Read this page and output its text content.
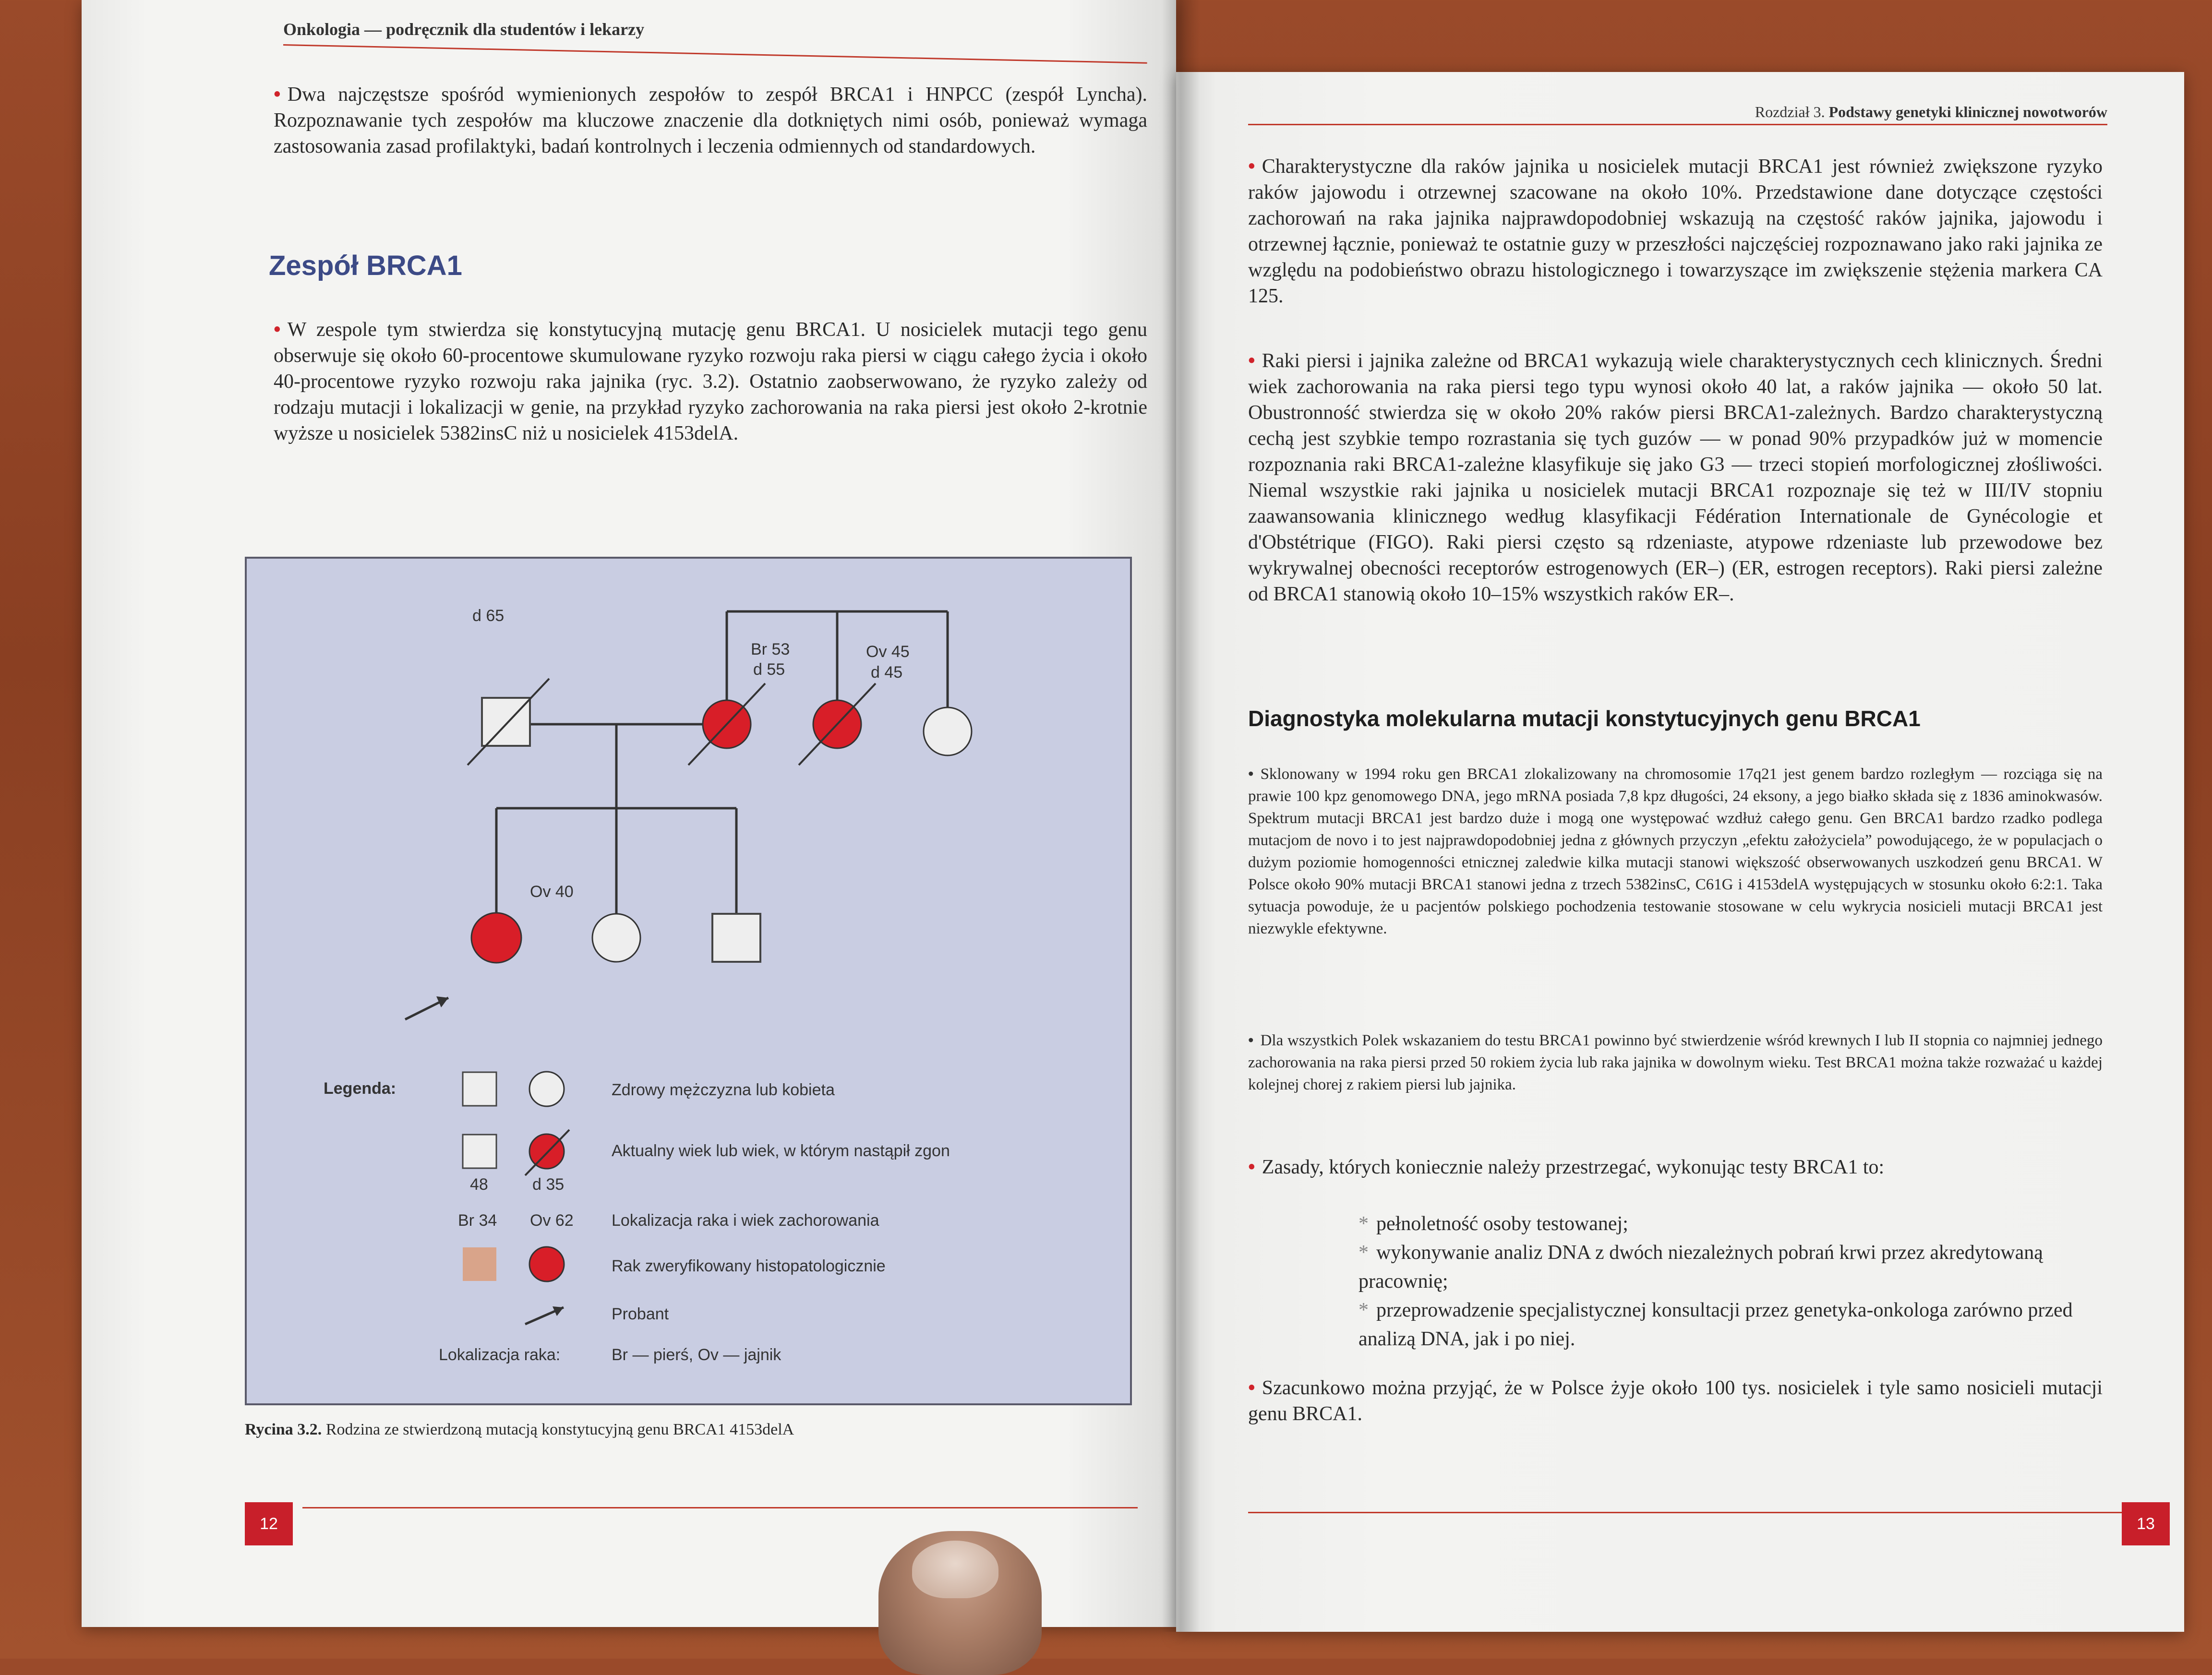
Onkologia — podręcznik dla studentów i lekarzy
• Dwa najczęstsze spośród wymienionych zespołów to zespół BRCA1 i HNPCC (zespół Lyncha). Rozpoznawanie tych zespołów ma kluczowe znaczenie dla dotkniętych nimi osób, ponieważ wymaga zastosowania zasad profilaktyki, badań kontrolnych i leczenia odmiennych od standardowych.
Zespół BRCA1
• W zespole tym stwierdza się konstytucyjną mutację genu BRCA1. U nosicielek mutacji tego genu obserwuje się około 60-procentowe skumulowane ryzyko rozwoju raka piersi w ciągu całego życia i około 40-procentowe ryzyko rozwoju raka jajnika (ryc. 3.2). Ostatnio zaobserwowano, że ryzyko zależy od rodzaju mutacji i lokalizacji w genie, na przykład ryzyko zachorowania na raka piersi jest około 2-krotnie wyższe u nosicielek 5382insC niż u nosicielek 4153delA.
d 65
Br 53
d 55
Ov 45
d 45
Ov 40
Legenda:	Zdrowy mężczyzna lub kobieta
48	d 35
Aktualny wiek lub wiek, w którym nastąpił zgon
Br 34 Ov 62 Lokalizacja raka i wiek zachorowania
Rak zweryfikowany histopatologicznie
Probant
Lokalizacja raka:	Br — pierś, Ov — jajnik
Rycina 3.2. Rodzina ze stwierdzoną mutacją konstytucyjną genu BRCA1 4153delA
12
Rozdział 3. Podstawy genetyki klinicznej nowotworów
• Charakterystyczne dla raków jajnika u nosicielek mutacji BRCA1 jest również zwiększone ryzyko raków jajowodu i otrzewnej szacowane na około 10%. Przedstawione dane dotyczące częstości zachorowań na raka jajnika najprawdopodobniej wskazują na częstość raków jajnika, jajowodu i otrzewnej łącznie, ponieważ te ostatnie guzy w przeszłości najczęściej rozpoznawano jako raki jajnika ze względu na podobieństwo obrazu histologicznego i towarzyszące im zwiększenie stężenia markera CA 125.
• Raki piersi i jajnika zależne od BRCA1 wykazują wiele charakterystycznych cech klinicznych. Średni wiek zachorowania na raka piersi tego typu wynosi około 40 lat, a raków jajnika — około 50 lat. Obustronność stwierdza się w około 20% raków piersi BRCA1-zależnych. Bardzo charakterystyczną cechą jest szybkie tempo rozrastania się tych guzów — w ponad 90% przypadków już w momencie rozpoznania raki BRCA1-zależne klasyfikuje się jako G3 — trzeci stopień morfologicznej złośliwości. Niemal wszystkie raki jajnika u nosicielek mutacji BRCA1 rozpoznaje się też w III/IV stopniu zaawansowania klinicznego według klasyfikacji Fédération Internationale de Gynécologie et d'Obstétrique (FIGO). Raki piersi często są rdzeniaste, atypowe rdzeniaste lub przewodowe bez wykrywalnej obecności receptorów estrogenowych (ER–) (ER, estrogen receptors). Raki piersi zależne od BRCA1 stanowią około 10–15% wszystkich raków ER–.
Diagnostyka molekularna mutacji konstytucyjnych genu BRCA1
• Sklonowany w 1994 roku gen BRCA1 zlokalizowany na chromosomie 17q21 jest genem bardzo rozległym — rozciąga się na prawie 100 kpz genomowego DNA, jego mRNA posiada 7,8 kpz długości, 24 eksony, a jego białko składa się z 1836 aminokwasów. Spektrum mutacji BRCA1 jest bardzo duże i mogą one występować wzdłuż całego genu. Gen BRCA1 bardzo rzadko podlega mutacjom de novo i to jest najprawdopodobniej jedna z głównych przyczyn „efektu założyciela” powodującego, że w populacjach o dużym poziomie homogenności etnicznej zaledwie kilka mutacji stanowi większość obserwowanych uszkodzeń genu BRCA1. W Polsce około 90% mutacji BRCA1 stanowi jedna z trzech 5382insC, C61G i 4153delA występujących w stosunku około 6:2:1. Taka sytuacja powoduje, że u pacjentów polskiego pochodzenia testowanie stosowane w celu wykrycia nosicieli mutacji BRCA1 jest niezwykle efektywne.
• Dla wszystkich Polek wskazaniem do testu BRCA1 powinno być stwierdzenie wśród krewnych I lub II stopnia co najmniej jednego zachorowania na raka piersi przed 50 rokiem życia lub raka jajnika w dowolnym wieku. Test BRCA1 można także rozważać u każdej kolejnej chorej z rakiem piersi lub jajnika.
• Zasady, których koniecznie należy przestrzegać, wykonując testy BRCA1 to:
* pełnoletność osoby testowanej;
* wykonywanie analiz DNA z dwóch niezależnych pobrań krwi przez akredytowaną pracownię;
* przeprowadzenie specjalistycznej konsultacji przez genetyka-onkologa zarówno przed analizą DNA, jak i po niej.
• Szacunkowo można przyjąć, że w Polsce żyje około 100 tys. nosicielek i tyle samo nosicieli mutacji genu BRCA1.
13
